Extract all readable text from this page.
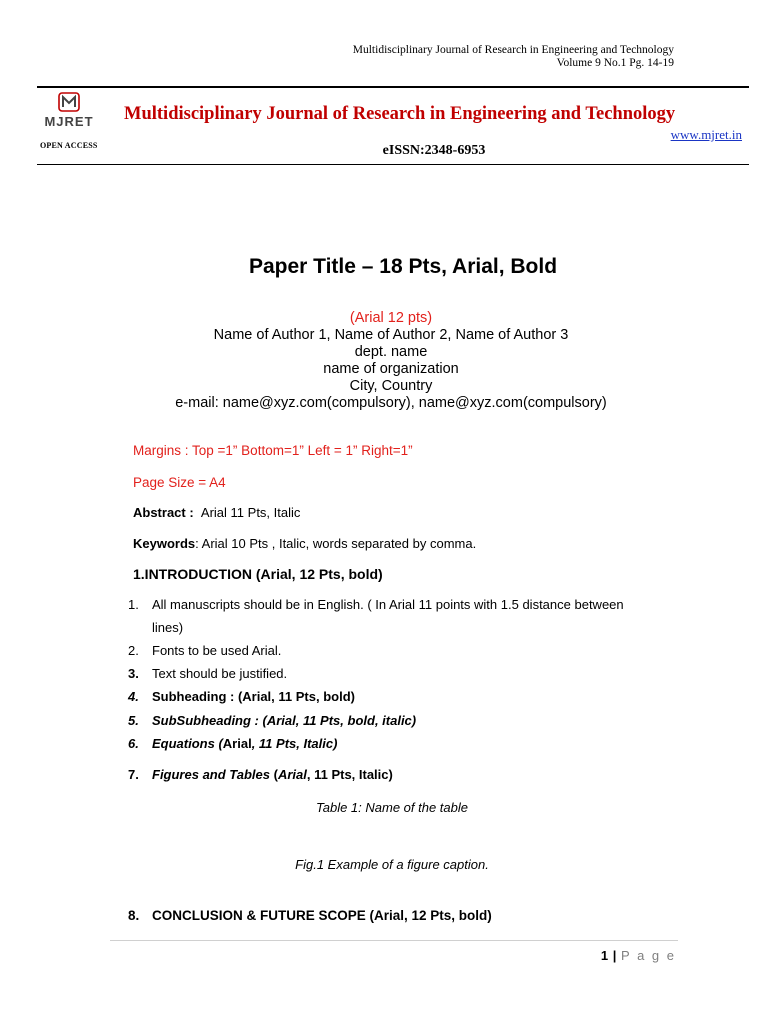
Multidisciplinary Journal of Research in Engineering and Technology
Volume 9 No.1 Pg. 14-19
MJRET Multidisciplinary Journal of Research in Engineering and Technology
www.mjret.in
OPEN ACCESS	eISSN:2348-6953
Paper Title – 18 Pts, Arial, Bold
(Arial 12 pts)
Name of Author 1, Name of Author 2, Name of Author 3
dept. name
name of organization
City, Country
e-mail: name@xyz.com(compulsory), name@xyz.com(compulsory)
Margins : Top =1” Bottom=1” Left = 1” Right=1”
Page Size = A4
Abstract : Arial 11 Pts, Italic
Keywords: Arial 10 Pts , Italic, words separated by comma.
1.INTRODUCTION (Arial, 12 Pts, bold)
1. All manuscripts should be in English. ( In Arial 11 points with 1.5 distance between
lines)
2. Fonts to be used Arial.
3. Text should be justified.
4. Subheading : (Arial, 11 Pts, bold)
5. SubSubheading : (Arial, 11 Pts, bold, italic)
6. Equations (Arial, 11 Pts, Italic)
7. Figures and Tables (Arial, 11 Pts, Italic)
Table 1: Name of the table
Fig.1 Example of a figure caption.
8. CONCLUSION & FUTURE SCOPE (Arial, 12 Pts, bold)
1 | P a g e
